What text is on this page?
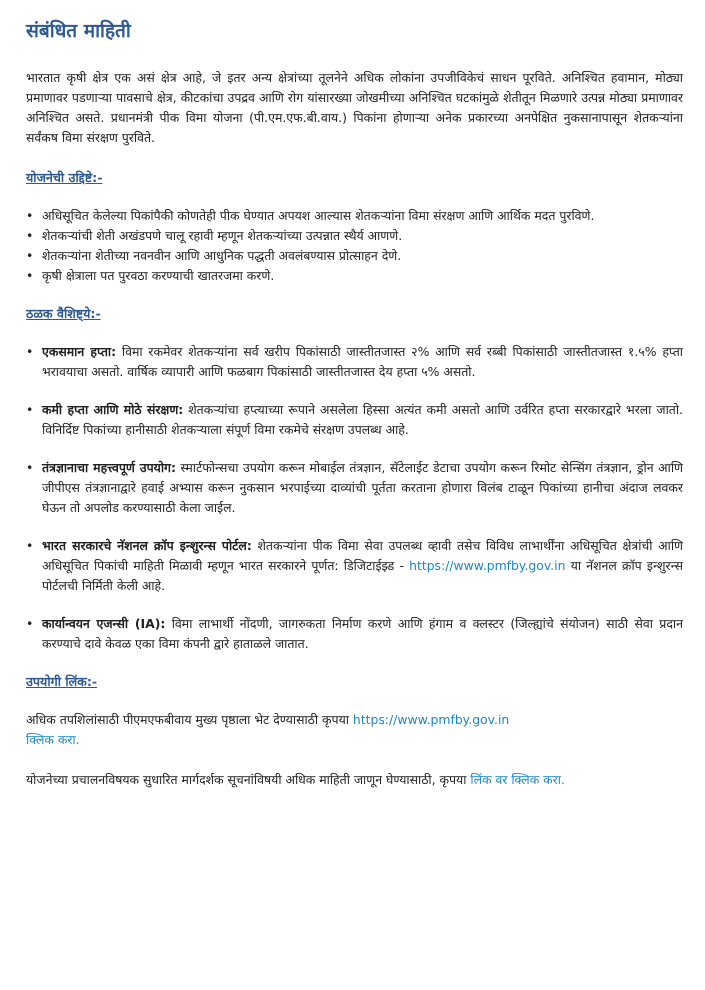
संबंधित माहिती

भारतात कृषी क्षेत्र एक असं क्षेत्र आहे, जे इतर अन्य क्षेत्रांच्या तूलनेने अधिक लोकांना उपजीविकेचं साधन पूरविते. अनिश्चित हवामान, मोठ्या प्रमाणावर पडणाऱ्या पावसाचे क्षेत्र, कीटकांचा उपद्रव आणि रोग यांसारख्या जोखमीच्या अनिश्चित घटकांमुळे शेतीतून मिळणारे उत्पन्न मोठ्या प्रमाणावर अनिश्चित असते. प्रधानमंत्री पीक विमा योजना (पी.एम.एफ.बी.वाय.) पिकांना होणाऱ्या अनेक प्रकारच्या अनपेक्षित नुकसानापासून शेतकऱ्यांना सर्वंकष विमा संरक्षण पुरविते.

योजनेची उद्दिष्टे:-
• अधिसूचित केलेल्या पिकांपैकी कोणतेही पीक घेण्यात अपयश आल्यास शेतकऱ्यांना विमा संरक्षण आणि आर्थिक मदत पुरविणे.
• शेतकऱ्यांची शेती अखंडपणे चालू रहावी म्हणून शेतकऱ्यांच्या उत्पन्नात स्थैर्य आणणे.
• शेतकऱ्यांना शेतीच्या नवनवीन आणि आधुनिक पद्धती अवलंबण्यास प्रोत्साहन देणे.
• कृषी क्षेत्राला पत पुरवठा करण्याची खातरजमा करणे.
ठळक वैशिष्ट्ये:-
• एकसमान हप्ता: विमा रकमेवर शेतकऱ्यांना सर्व खरीप पिकांसाठी जास्तीतजास्त २% आणि सर्व रब्बी पिकांसाठी जास्तीतजास्त १.५% हप्ता भरावयाचा असतो. वार्षिक व्यापारी आणि फळबाग पिकांसाठी जास्तीतजास्त देय हप्ता ५% असतो.
• कमी हप्ता आणि मोठे संरक्षण: शेतकऱ्यांचा हप्त्याच्या रूपाने असलेला हिस्सा अत्यंत कमी असतो आणि उर्वरित हप्ता सरकारद्वारे भरला जातो. विनिर्दिष्ट पिकांच्या हानीसाठी शेतकऱ्याला संपूर्ण विमा रकमेचे संरक्षण उपलब्ध आहे.
• तंत्रज्ञानाचा महत्त्वपूर्ण उपयोग: स्मार्टफोन्सचा उपयोग करून मोबाईल तंत्रज्ञान, सॅटेलाईट डेटाचा उपयोग करून रिमोट सेन्सिंग तंत्रज्ञान, ड्रोन आणि जीपीएस तंत्रज्ञानाद्वारे हवाई अभ्यास करून नुकसान भरपाईच्या दाव्यांची पूर्तता करताना होणारा विलंब टाळून पिकांच्या हानीचा अंदाज लवकर घेऊन तो अपलोड करण्यासाठी केला जाईल.
• भारत सरकारचे नॅशनल क्रॉप इन्शुरन्स पोर्टल: शेतकऱ्यांना पीक विमा सेवा उपलब्ध व्हावी तसेच विविध लाभार्थींना अधिसूचित क्षेत्रांची आणि अधिसूचित पिकांची माहिती मिळावी म्हणून भारत सरकारने पूर्णत: डिजिटाईझ्ड - https://www.pmfby.gov.in या नॅशनल क्रॉप इन्शुरन्स पोर्टलची निर्मिती केली आहे.
• कार्यान्वयन एजन्सी (IA): विमा लाभार्थी नोंदणी, जागरुकता निर्माण करणे आणि हंगाम व क्लस्टर (जिल्ह्यांचे संयोजन) साठी सेवा प्रदान करण्याचे दावे केवळ एका विमा कंपनी द्वारे हाताळले जातात.
उपयोगी लिंक:-

अधिक तपशिलांसाठी पीएमएफबीवाय मुख्य पृष्ठाला भेट देण्यासाठी कृपया https://www.pmfby.gov.in
क्लिक करा.

योजनेच्या प्रचालनविषयक सुधारित मार्गदर्शक सूचनांविषयी अधिक माहिती जाणून घेण्यासाठी, कृपया लिंक वर क्लिक करा.
